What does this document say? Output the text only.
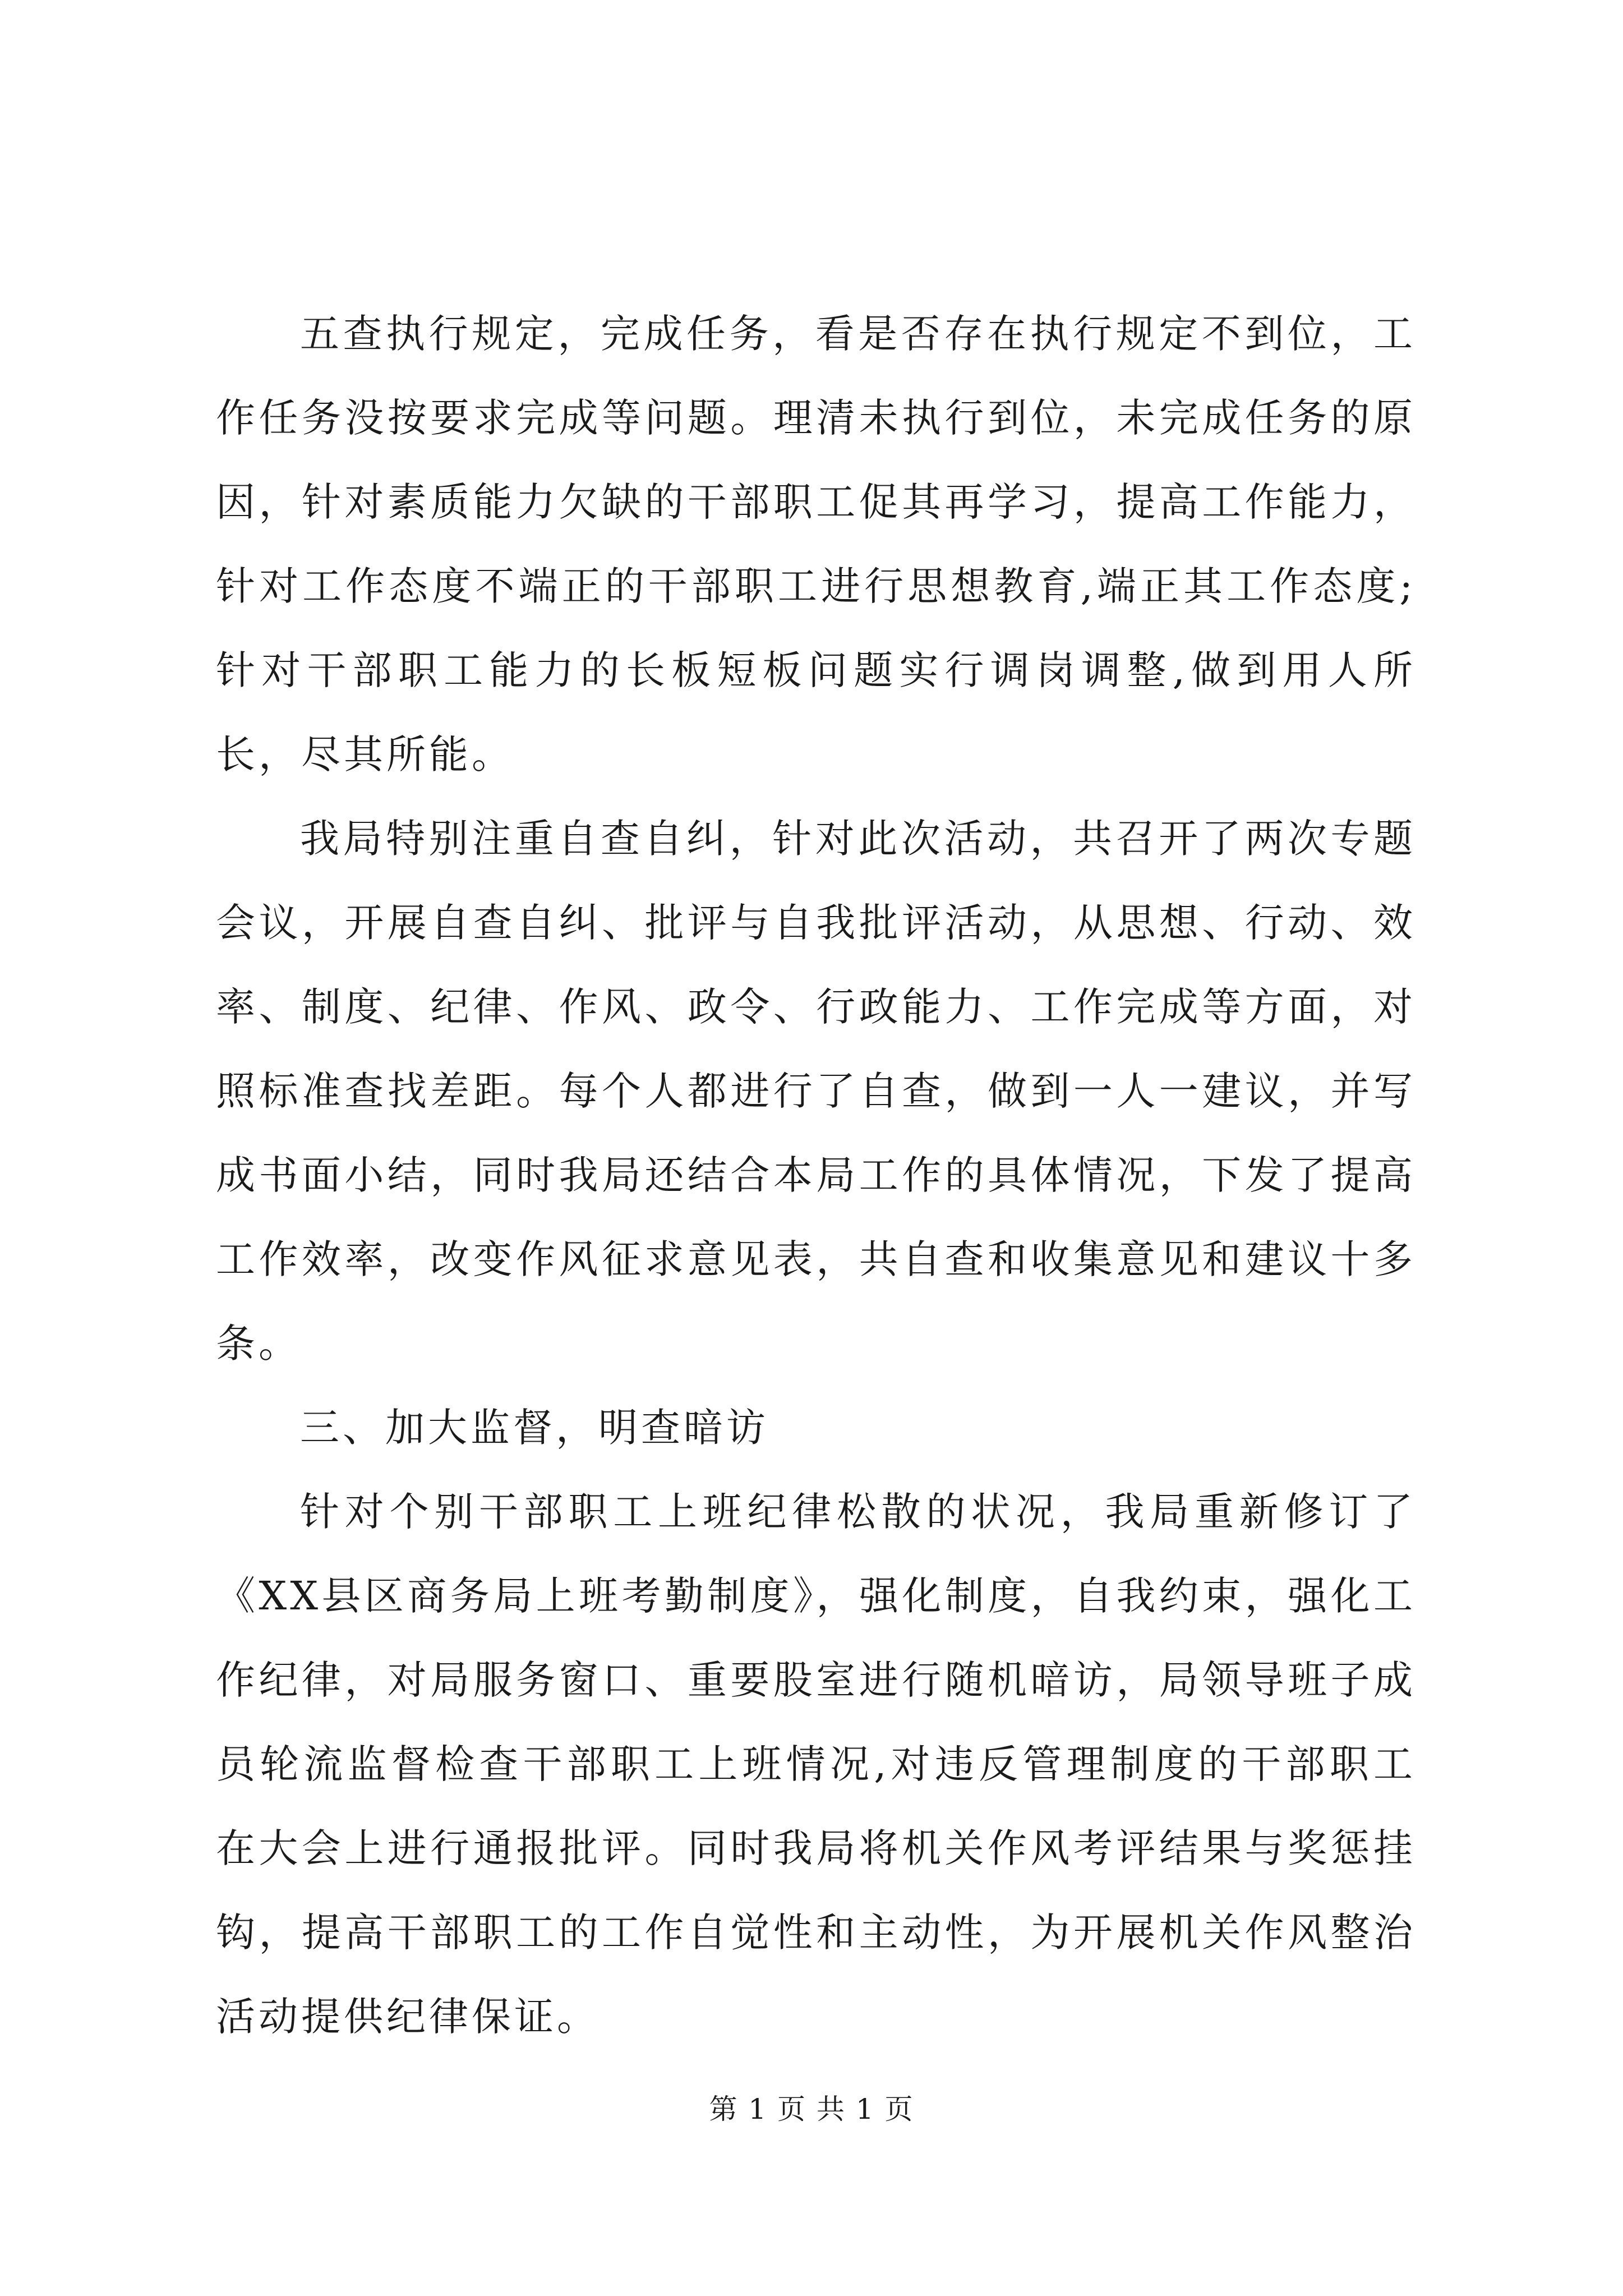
五查执行规定，完成任务，看是否存在执行规定不到位，工作任务没按要求完成等问题。理清未执行到位，未完成任务的原因，针对素质能力欠缺的干部职工促其再学习，提高工作能力，针对工作态度不端正的干部职工进行思想教育,端正其工作态度;针对干部职工能力的长板短板问题实行调岗调整,做到用人所长，尽其所能。

我局特别注重自查自纠，针对此次活动，共召开了两次专题会议，开展自查自纠、批评与自我批评活动，从思想、行动、效率、制度、纪律、作风、政令、行政能力、工作完成等方面，对照标准查找差距。每个人都进行了自查，做到一人一建议，并写成书面小结，同时我局还结合本局工作的具体情况，下发了提高工作效率，改变作风征求意见表，共自查和收集意见和建议十多条。

三、加大监督，明查暗访

针对个别干部职工上班纪律松散的状况，我局重新修订了《XX县区商务局上班考勤制度》，强化制度，自我约束，强化工作纪律，对局服务窗口、重要股室进行随机暗访，局领导班子成员轮流监督检查干部职工上班情况,对违反管理制度的干部职工在大会上进行通报批评。同时我局将机关作风考评结果与奖惩挂钩，提高干部职工的工作自觉性和主动性，为开展机关作风整治活动提供纪律保证。

第 1 页 共 1 页
